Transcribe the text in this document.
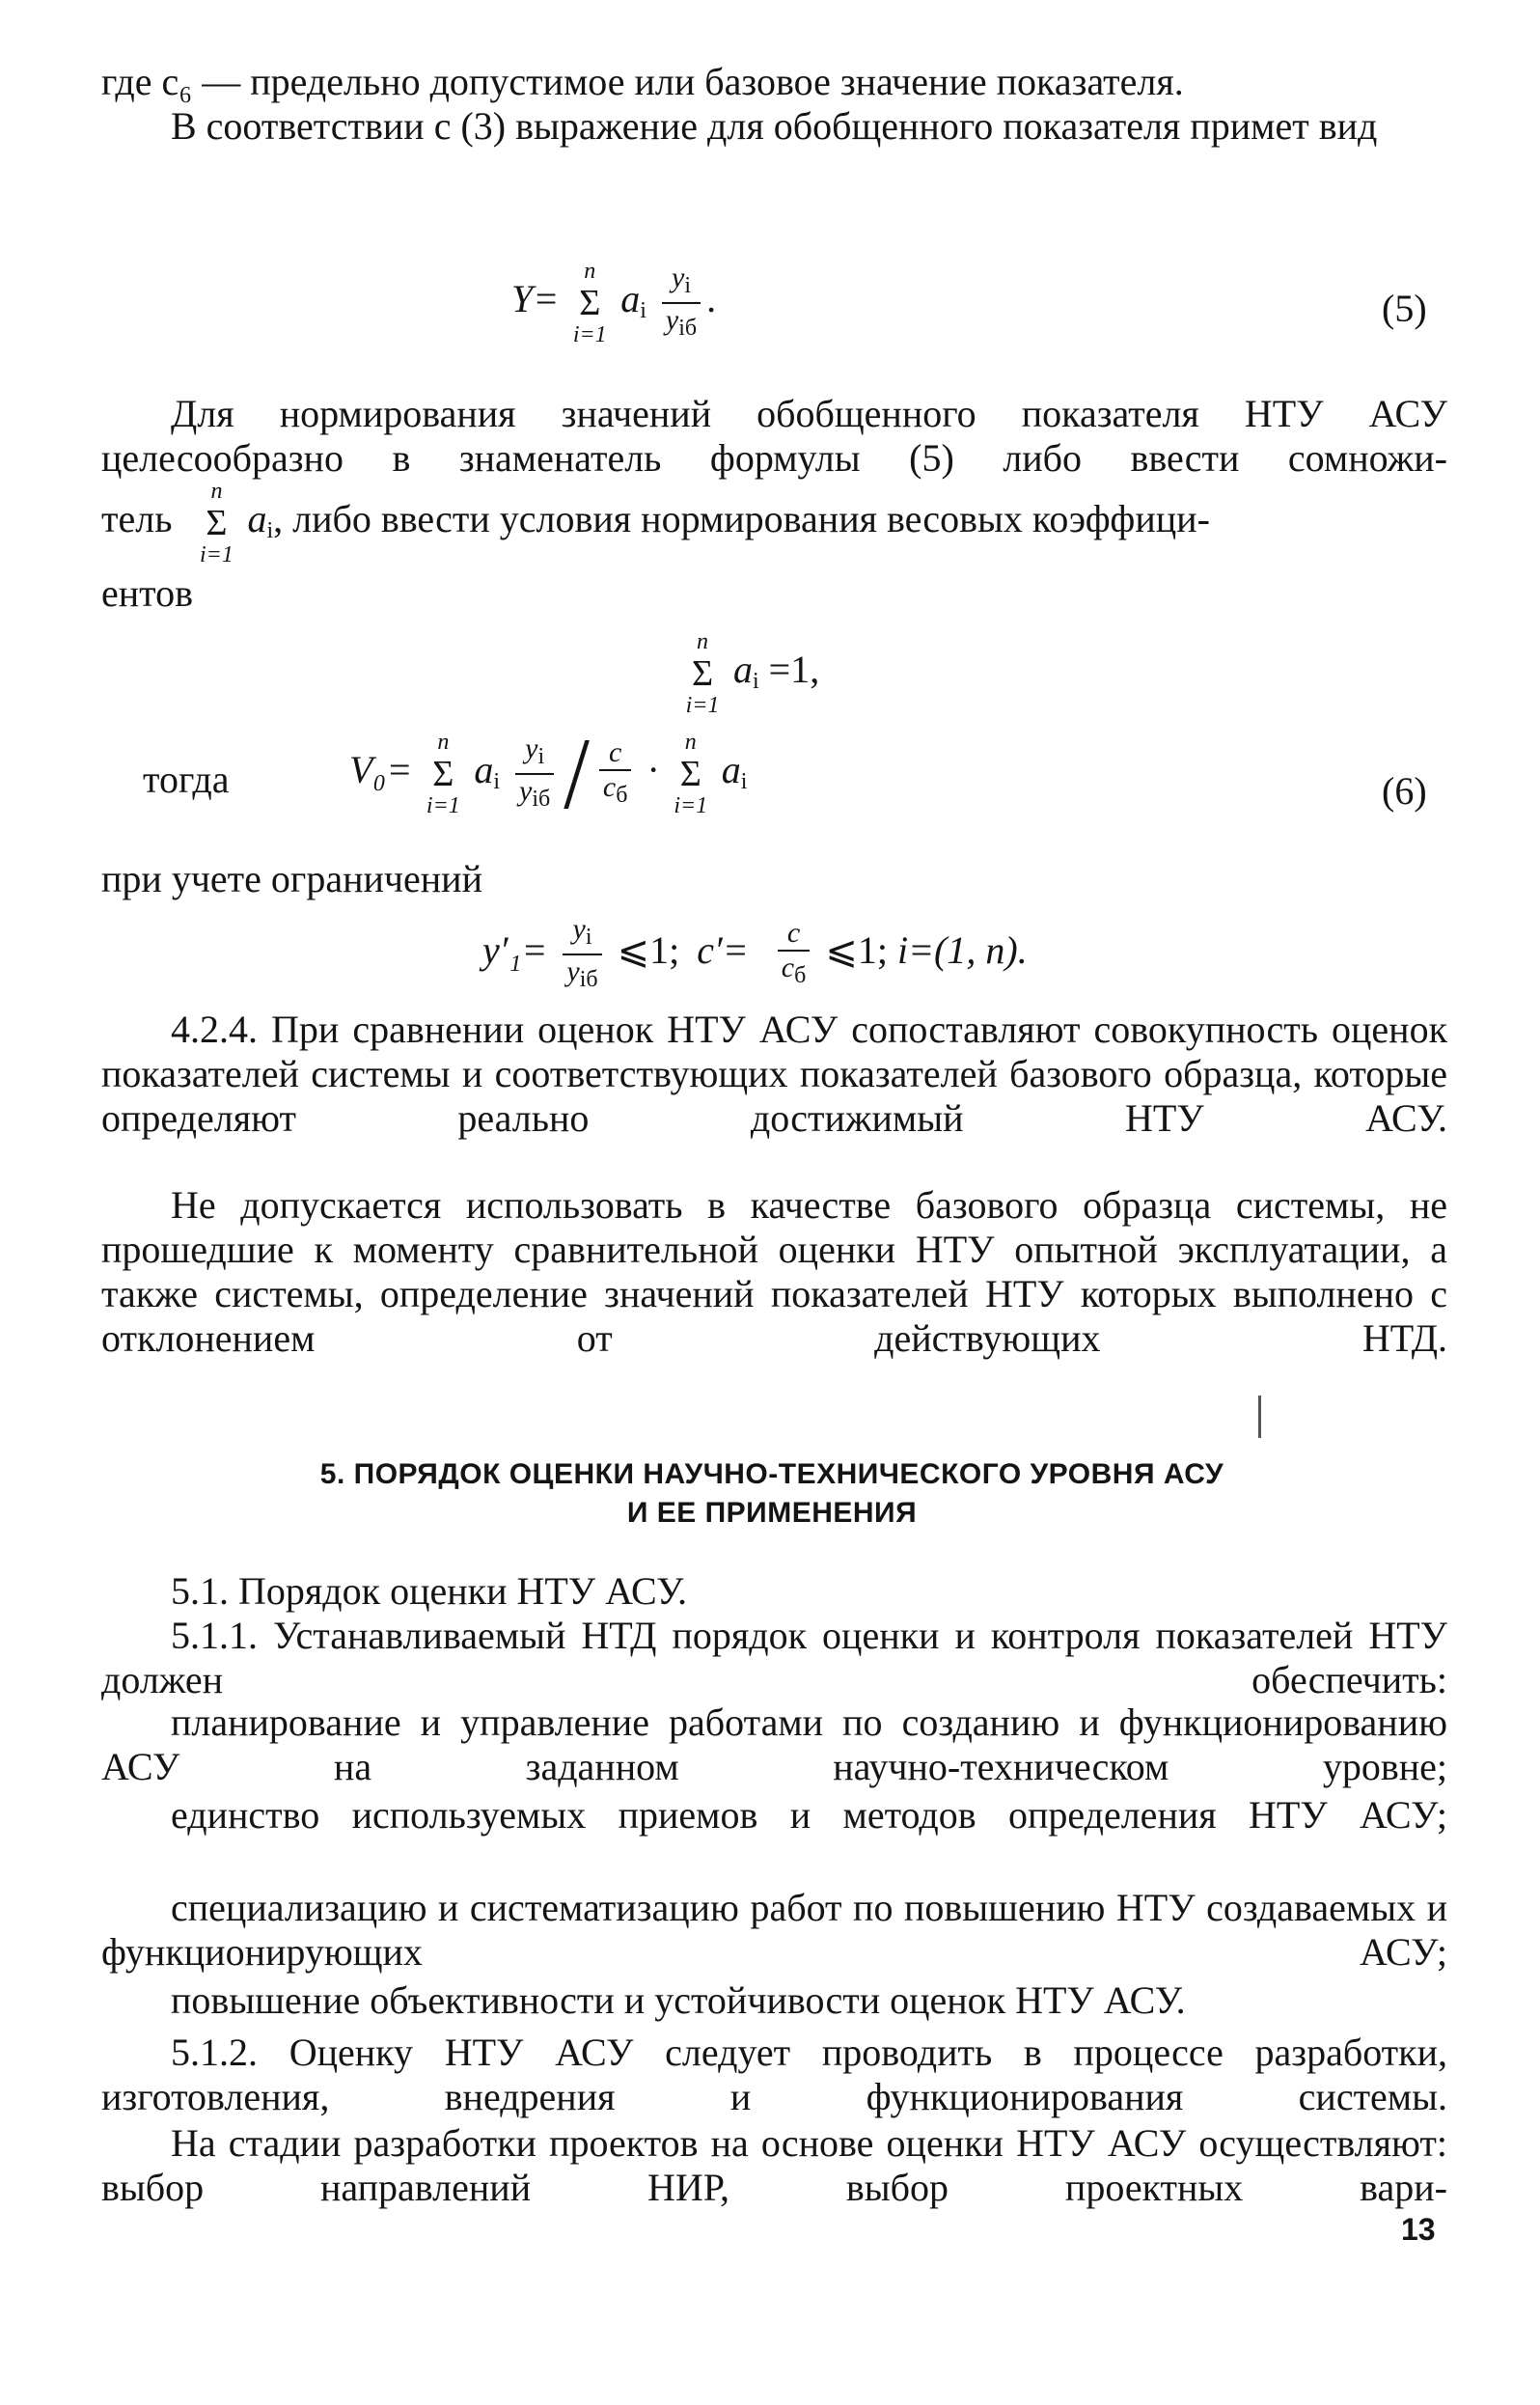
где c₆ — предельно допустимое или базовое значение показателя.

В соответствии с (3) выражение для обобщенного показателя примет вид

Y=
n
Σ
i=1
$a_i \frac{y_i}{y_{iб}}$ .	(5)

Для нормирования значений обобщенного показателя НТУ АСУ целесообразно в знаменатель формулы (5) либо ввести сомножи-

тель
n
Σ
i=1
$a_i$, либо ввести условия нормирования весовых коэффици-

ентов

n
Σ
i=1
$a_i =1$,
тогда	V₀=
n
Σ
i=1
$a_i \frac{y_i}{y_{iб}} / \frac{c}{c_б}$ ·
n
Σ
i=1
$a_i$	(6)

при учете ограничений

$y'_1= \frac{y_i}{y_{iб}}$ ⩽1; $c'= \frac{c}{c_б}$ ⩽1; i=(1, n).

4.2.4. При сравнении оценок НТУ АСУ сопоставляют совокупность оценок показателей системы и соответствующих показателей базового образца, которые определяют реально достижимый НТУ АСУ.

Не допускается использовать в качестве базового образца системы, не прошедшие к моменту сравнительной оценки НТУ опытной эксплуатации, а также системы, определение значений показателей НТУ которых выполнено с отклонением от действующих НТД.

5. ПОРЯДОК ОЦЕНКИ НАУЧНО-ТЕХНИЧЕСКОГО УРОВНЯ АСУ
И ЕЕ ПРИМЕНЕНИЯ

5.1. Порядок оценки НТУ АСУ.

5.1.1. Устанавливаемый НТД порядок оценки и контроля показателей НТУ должен обеспечить:

планирование и управление работами по созданию и функционированию АСУ на заданном научно-техническом уровне;

единство используемых приемов и методов определения НТУ АСУ;

специализацию и систематизацию работ по повышению НТУ создаваемых и функционирующих АСУ;

повышение объективности и устойчивости оценок НТУ АСУ.

5.1.2. Оценку НТУ АСУ следует проводить в процессе разработки, изготовления, внедрения и функционирования системы.

На стадии разработки проектов на основе оценки НТУ АСУ осуществляют: выбор направлений НИР, выбор проектных вари-

13
